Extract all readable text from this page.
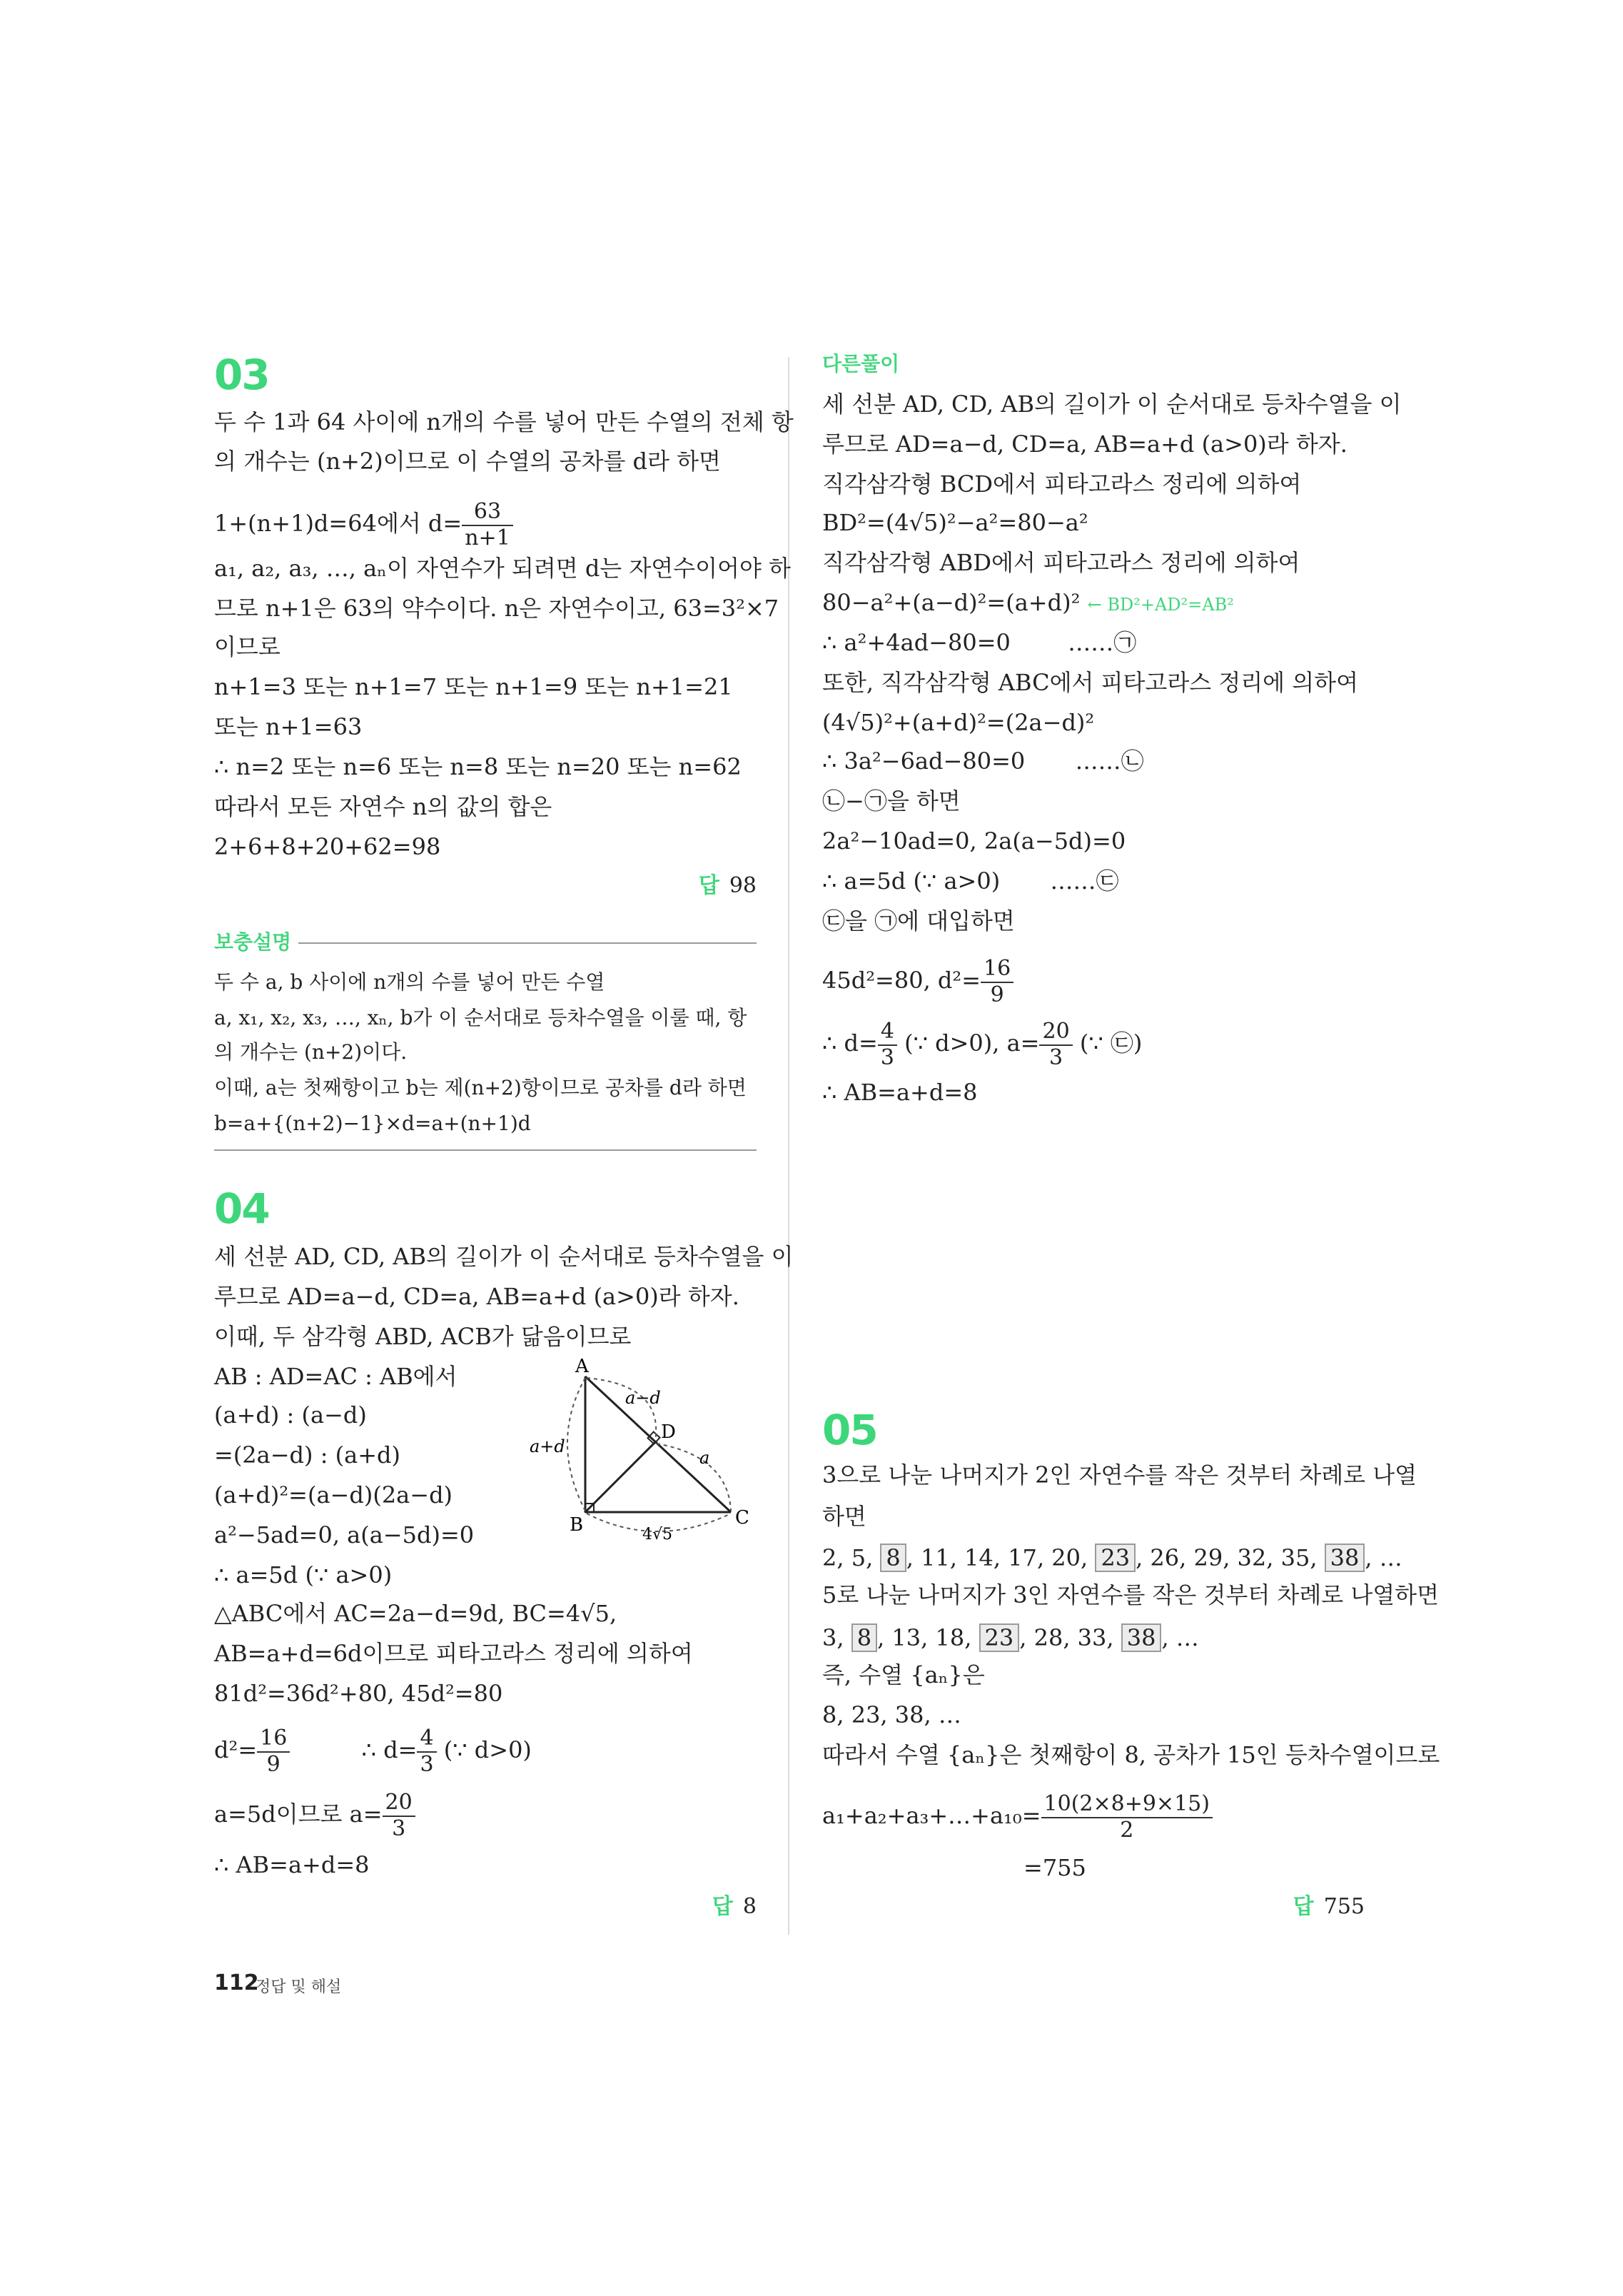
03
두 수 1과 64 사이에 n개의 수를 넣어 만든 수열의 전체 항
의 개수는 (n+2)이므로 이 수열의 공차를 d라 하면
1+(n+1)d=64에서 $d= \frac{63}{n+1}$
a₁, a₂, a₃, …, aₙ이 자연수가 되려면 d는 자연수이어야 하
므로 n+1은 63의 약수이다. n은 자연수이고, 63=3²×7
이므로
n+1=3 또는 n+1=7 또는 n+1=9 또는 n+1=21
또는 n+1=63
∴ n=2 또는 n=6 또는 n=8 또는 n=20 또는 n=62
따라서 모든 자연수 n의 값의 합은
2+6+8+20+62=98
답 98
보충설명
두 수 a, b 사이에 n개의 수를 넣어 만든 수열
a, x₁, x₂, x₃, …, xₙ, b가 이 순서대로 등차수열을 이룰 때, 항
의 개수는 (n+2)이다.
이때, a는 첫째항이고 b는 제(n+2)항이므로 공차를 d라 하면
b=a+{(n+2)−1}×d=a+(n+1)d
04
세 선분 AD, CD, AB의 길이가 이 순서대로 등차수열을 이
루므로 AD=a−d, CD=a, AB=a+d (a>0)라 하자.
이때, 두 삼각형 ABD, ACB가 닮음이므로
AB : AD=AC : AB에서
(a+d) : (a−d)
=(2a−d) : (a+d)
(a+d)²=(a−d)(2a−d)
a²−5ad=0, a(a−5d)=0
∴ a=5d (∵ a>0)
△ABC에서 AC=2a−d=9d, BC=4√5,
AB=a+d=6d이므로 피타고라스 정리에 의하여
81d²=36d²+80, 45d²=80
$d^2= \frac{16}{9}$	∴ $d= \frac{4}{3}$ (∵ d>0)
a=5d이므로 $a= \frac{20}{3}$
∴ AB=a+d=8
답 8
A
B	C
D
a−d
a+d
a
4√5
다른풀이
세 선분 AD, CD, AB의 길이가 이 순서대로 등차수열을 이
루므로 AD=a−d, CD=a, AB=a+d (a>0)라 하자.
직각삼각형 BCD에서 피타고라스 정리에 의하여
BD²=(4√5)²−a²=80−a²
직각삼각형 ABD에서 피타고라스 정리에 의하여
80−a²+(a−d)²=(a+d)² ← BD²+AD²=AB²
∴ a²+4ad−80=0	……㉠
또한, 직각삼각형 ABC에서 피타고라스 정리에 의하여
(4√5)²+(a+d)²=(2a−d)²
∴ 3a²−6ad−80=0 ……㉡
㉡−㉠을 하면
2a²−10ad=0, 2a(a−5d)=0
∴ a=5d (∵ a>0) ……㉢
㉢을 ㉠에 대입하면
45d²=80, $d^2= \frac{16}{9}$
∴ $d= \frac{4}{3}$ (∵ d>0), $a= \frac{20}{3}$ (∵ ㉢)
∴ AB=a+d=8
05
3으로 나눈 나머지가 2인 자연수를 작은 것부터 차례로 나열
하면
2, 5, 8 , 11, 14, 17, 20, 23 , 26, 29, 32, 35, 38 , …
5로 나눈 나머지가 3인 자연수를 작은 것부터 차례로 나열하면
3, 8 , 13, 18, 23 , 28, 33, 38 , …
즉, 수열 {aₙ}은
8, 23, 38, …
따라서 수열 {aₙ}은 첫째항이 8, 공차가 15인 등차수열이므로
a₁+a₂+a₃+…+a₁₀= $\frac{10(2\times 8+9\times 15)}{2}$
=755
답 755
112
정답 및 해설
